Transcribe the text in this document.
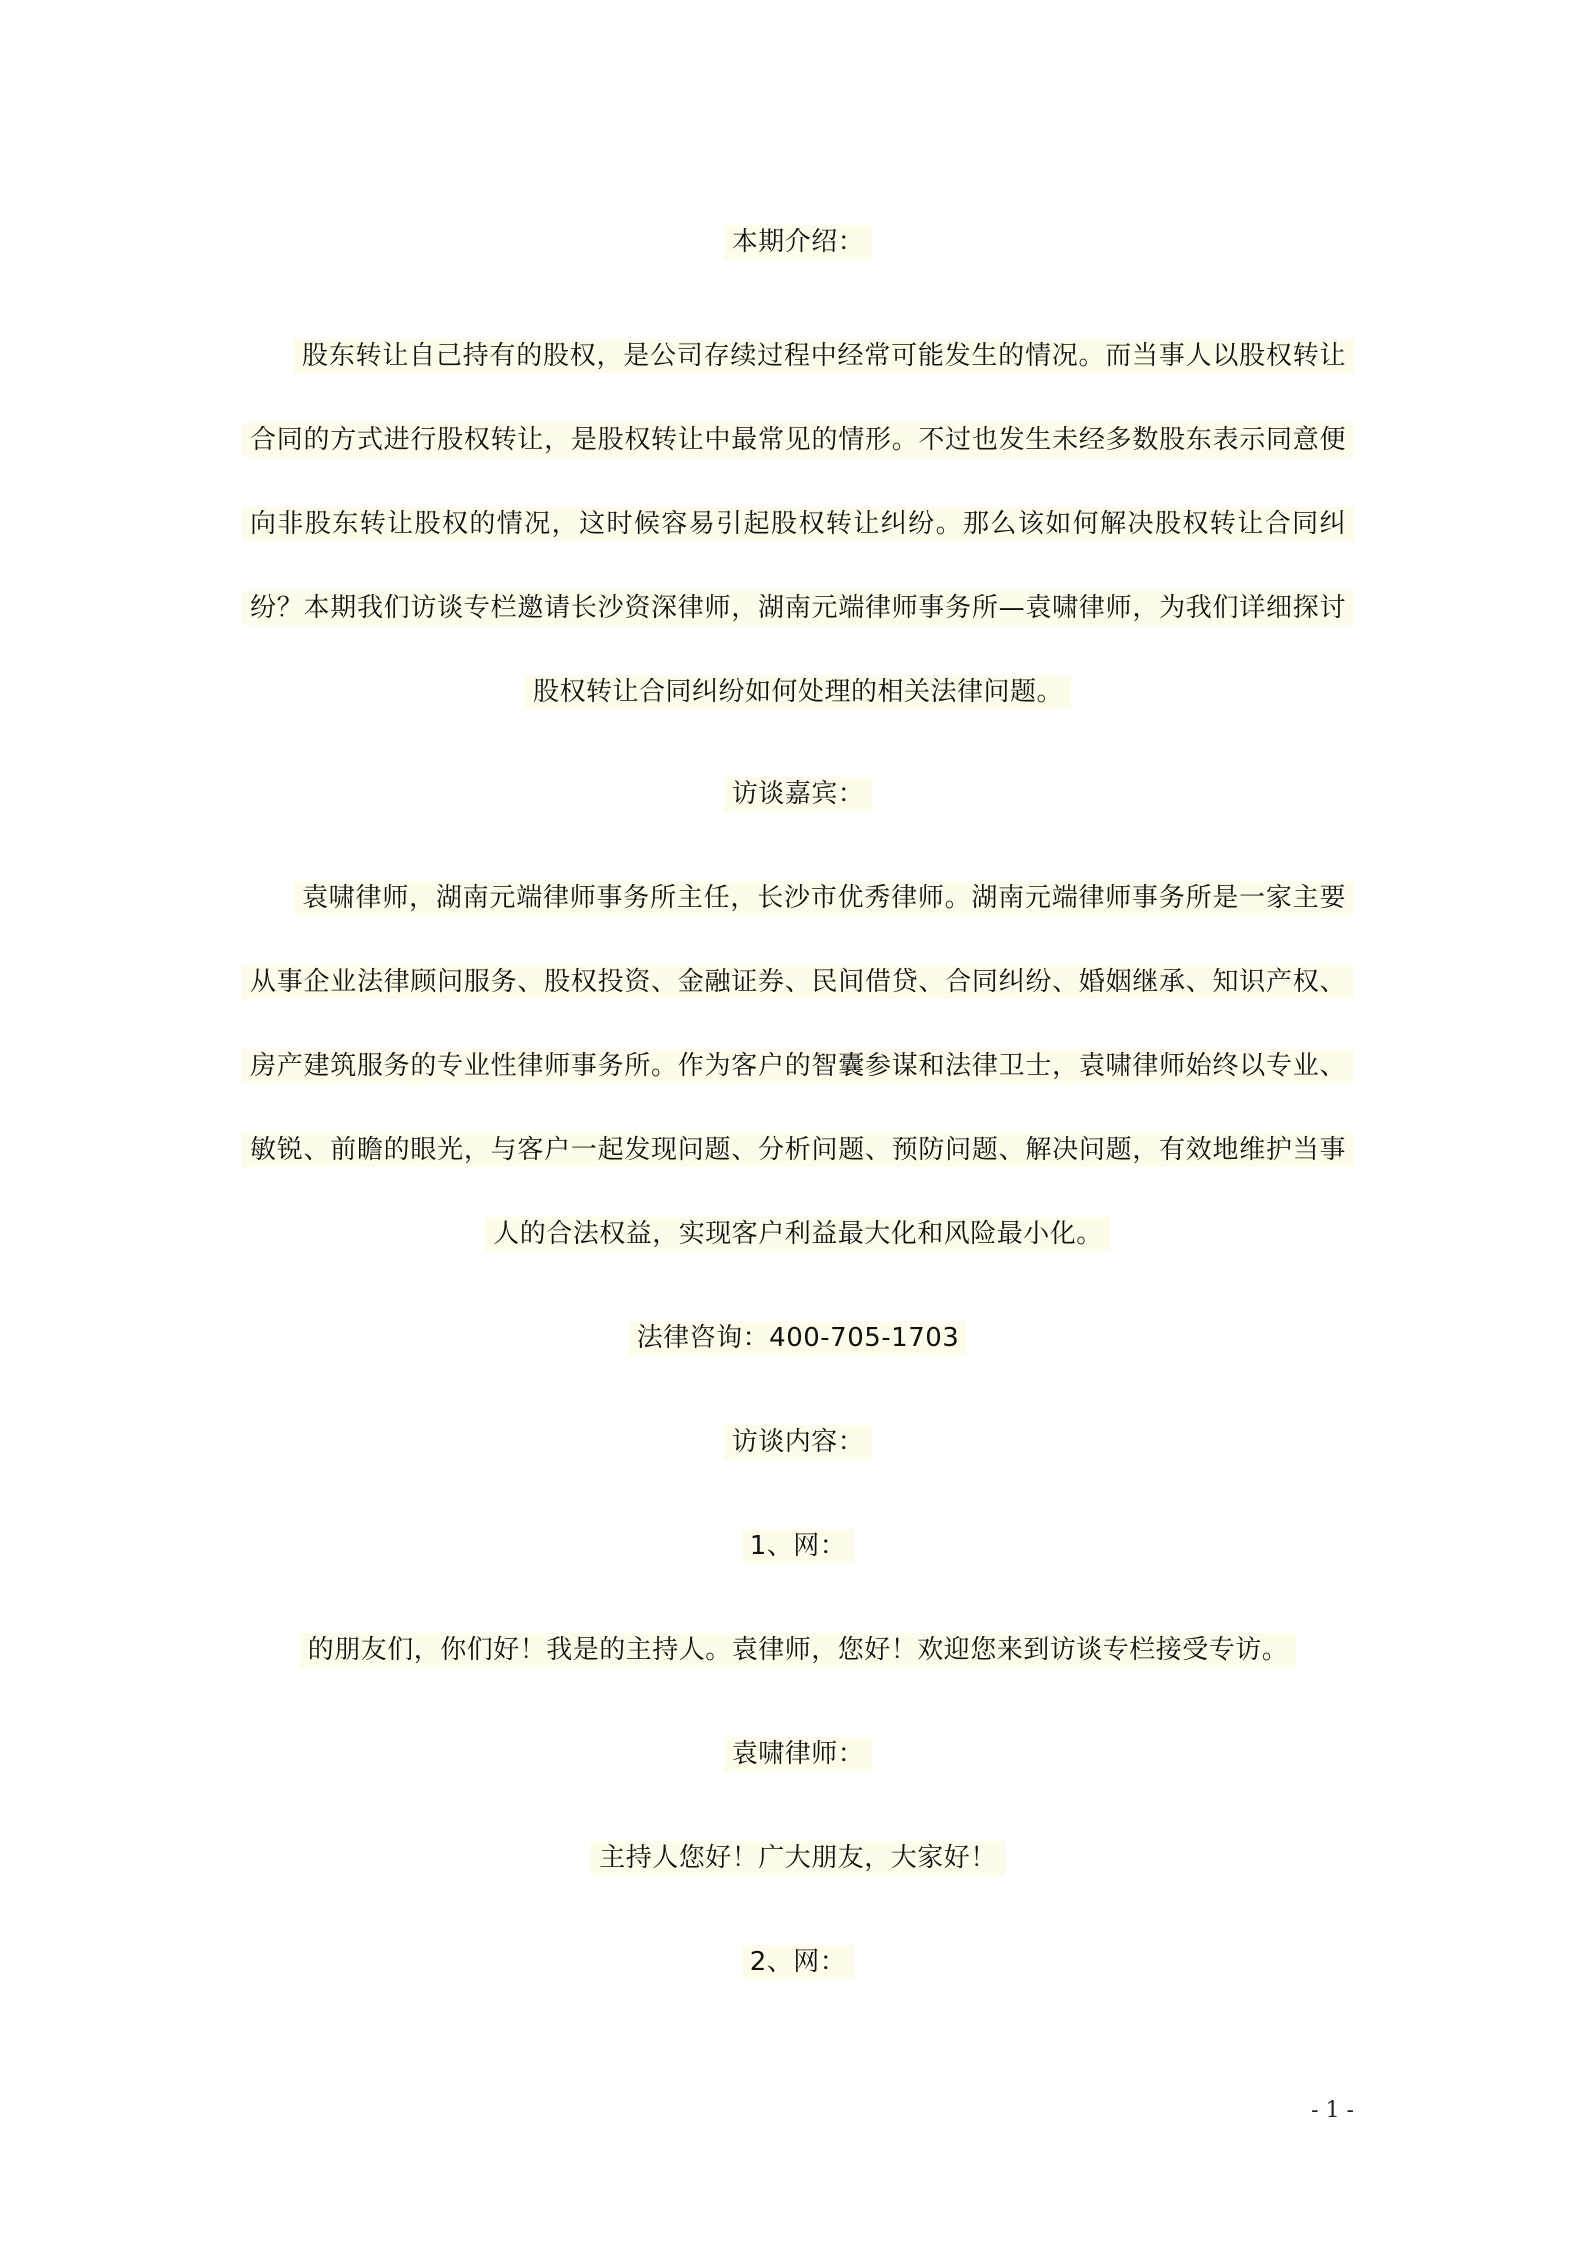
本期介绍：
股东转让自己持有的股权，是公司存续过程中经常可能发生的情况。而当事人以股权转让合同的方式进行股权转让，是股权转让中最常见的情形。不过也发生未经多数股东表示同意便向非股东转让股权的情况，这时候容易引起股权转让纠纷。那么该如何解决股权转让合同纠纷？本期我们访谈专栏邀请长沙资深律师，湖南元端律师事务所—袁啸律师，为我们详细探讨股权转让合同纠纷如何处理的相关法律问题。
访谈嘉宾：
袁啸律师，湖南元端律师事务所主任，长沙市优秀律师。湖南元端律师事务所是一家主要从事企业法律顾问服务、股权投资、金融证券、民间借贷、合同纠纷、婚姻继承、知识产权、房产建筑服务的专业性律师事务所。作为客户的智囊参谋和法律卫士，袁啸律师始终以专业、敏锐、前瞻的眼光，与客户一起发现问题、分析问题、预防问题、解决问题，有效地维护当事人的合法权益，实现客户利益最大化和风险最小化。
法律咨询：400-705-1703
访谈内容：
1、网：
的朋友们，你们好！我是的主持人。袁律师，您好！欢迎您来到访谈专栏接受专访。
袁啸律师：
主持人您好！广大朋友，大家好！
2、网：
- 1 -
